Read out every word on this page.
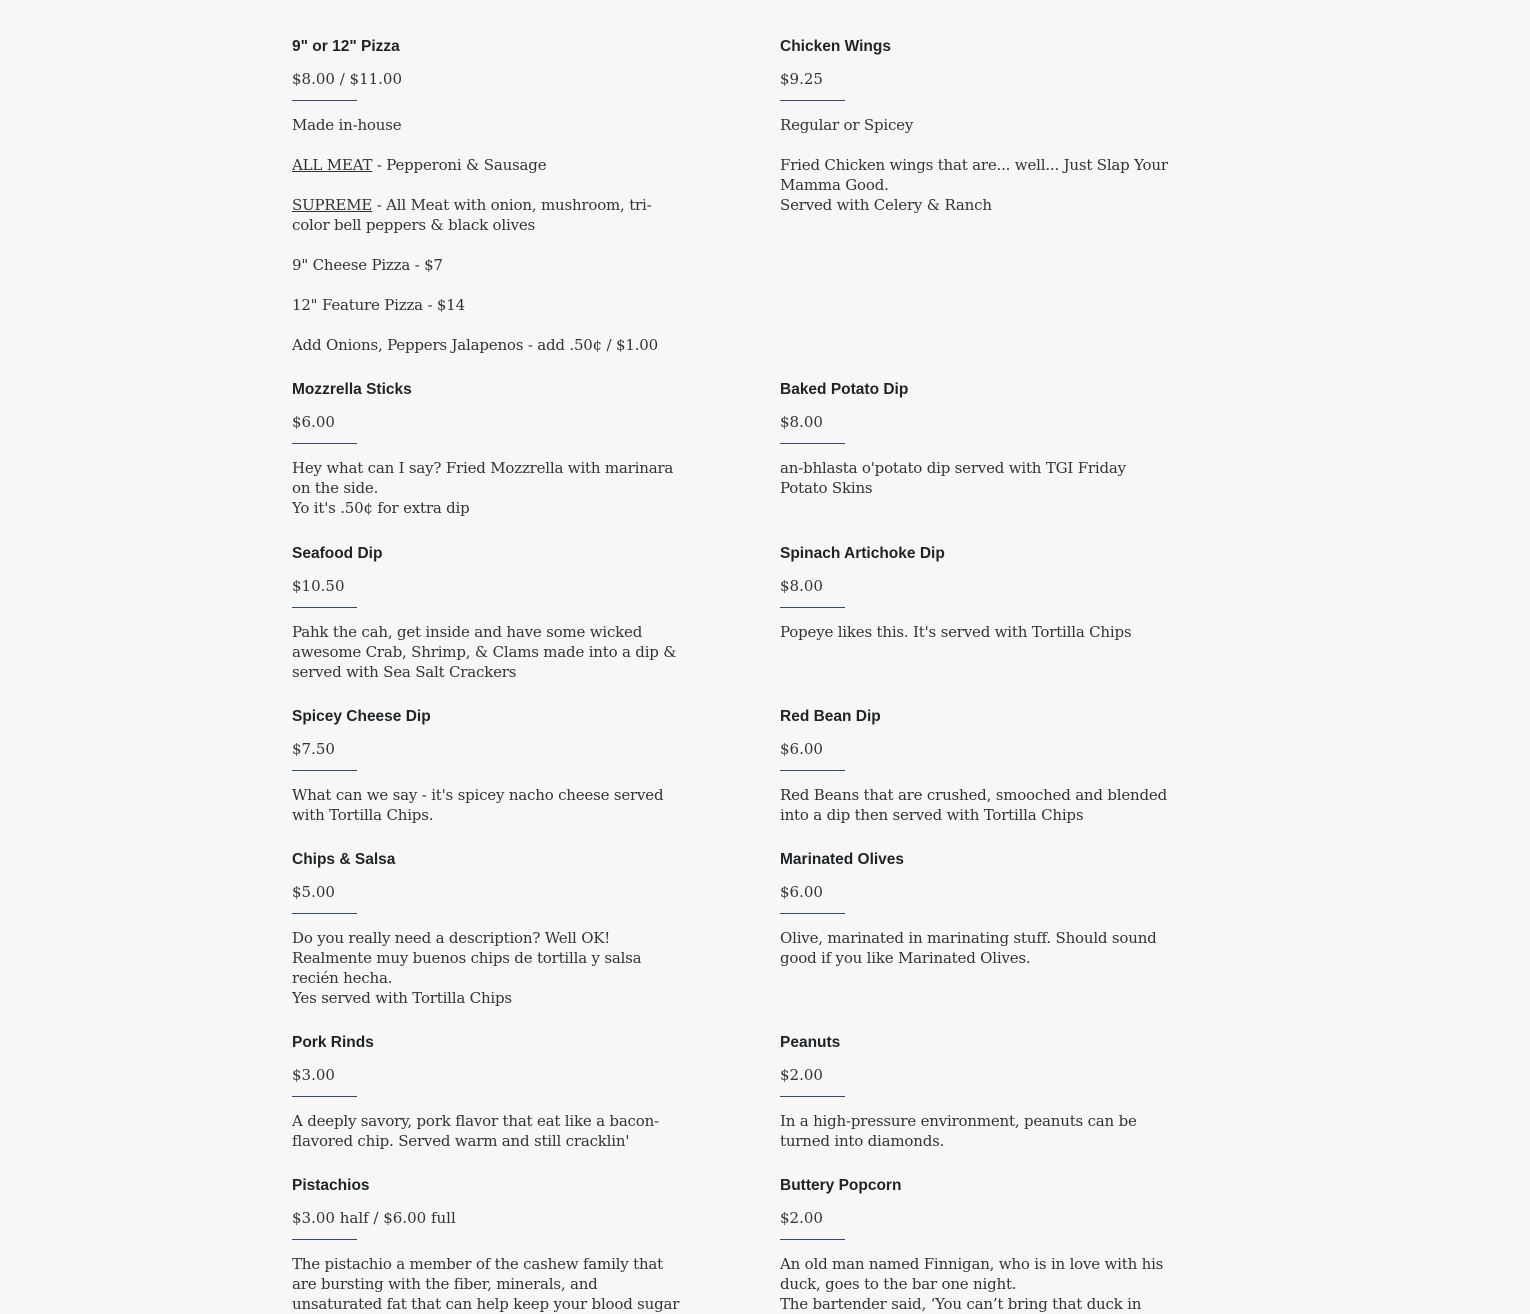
9" or 12" Pizza
$8.00 / $11.00

Made in-house

ALL MEAT - Pepperoni & Sausage

SUPREME - All Meat with onion, mushroom, tri-color bell peppers & black olives

9" Cheese Pizza - $7

12" Feature Pizza - $14

Add Onions, Peppers Jalapenos - add .50¢ / $1.00

Chicken Wings
$9.25

Regular or Spicey

Fried Chicken wings that are... well... Just Slap Your Mamma Good.

Served with Celery & Ranch

Mozzrella Sticks
$6.00

Hey what can I say? Fried Mozzrella with marinara on the side.

Yo it's .50¢ for extra dip

Baked Potato Dip
$8.00

an-bhlasta o'potato dip served with TGI Friday Potato Skins

Seafood Dip
$10.50

Pahk the cah, get inside and have some wicked awesome Crab, Shrimp, & Clams made into a dip & served with Sea Salt Crackers

Spinach Artichoke Dip
$8.00

Popeye likes this. It's served with Tortilla Chips

Spicey Cheese Dip
$7.50

What can we say - it's spicey nacho cheese served with Tortilla Chips.

Red Bean Dip
$6.00

Red Beans that are crushed, smooched and blended into a dip then served with Tortilla Chips

Chips & Salsa
$5.00

Do you really need a description? Well OK!

Realmente muy buenos chips de tortilla y salsa recién hecha.

Yes served with Tortilla Chips

Marinated Olives
$6.00

Olive, marinated in marinating stuff. Should sound good if you like Marinated Olives.

Pork Rinds
$3.00

A deeply savory, pork flavor that eat like a bacon-flavored chip. Served warm and still cracklin'

Peanuts
$2.00

In a high-pressure environment, peanuts can be turned into diamonds.

Pistachios
$3.00 half / $6.00 full

The pistachio a member of the cashew family that are bursting with the fiber, minerals, and unsaturated fat that can help keep your blood sugar

Buttery Popcorn
$2.00

An old man named Finnigan, who is in love with his duck, goes to the bar one night.

The bartender said, ‘You can’t bring that duck in
